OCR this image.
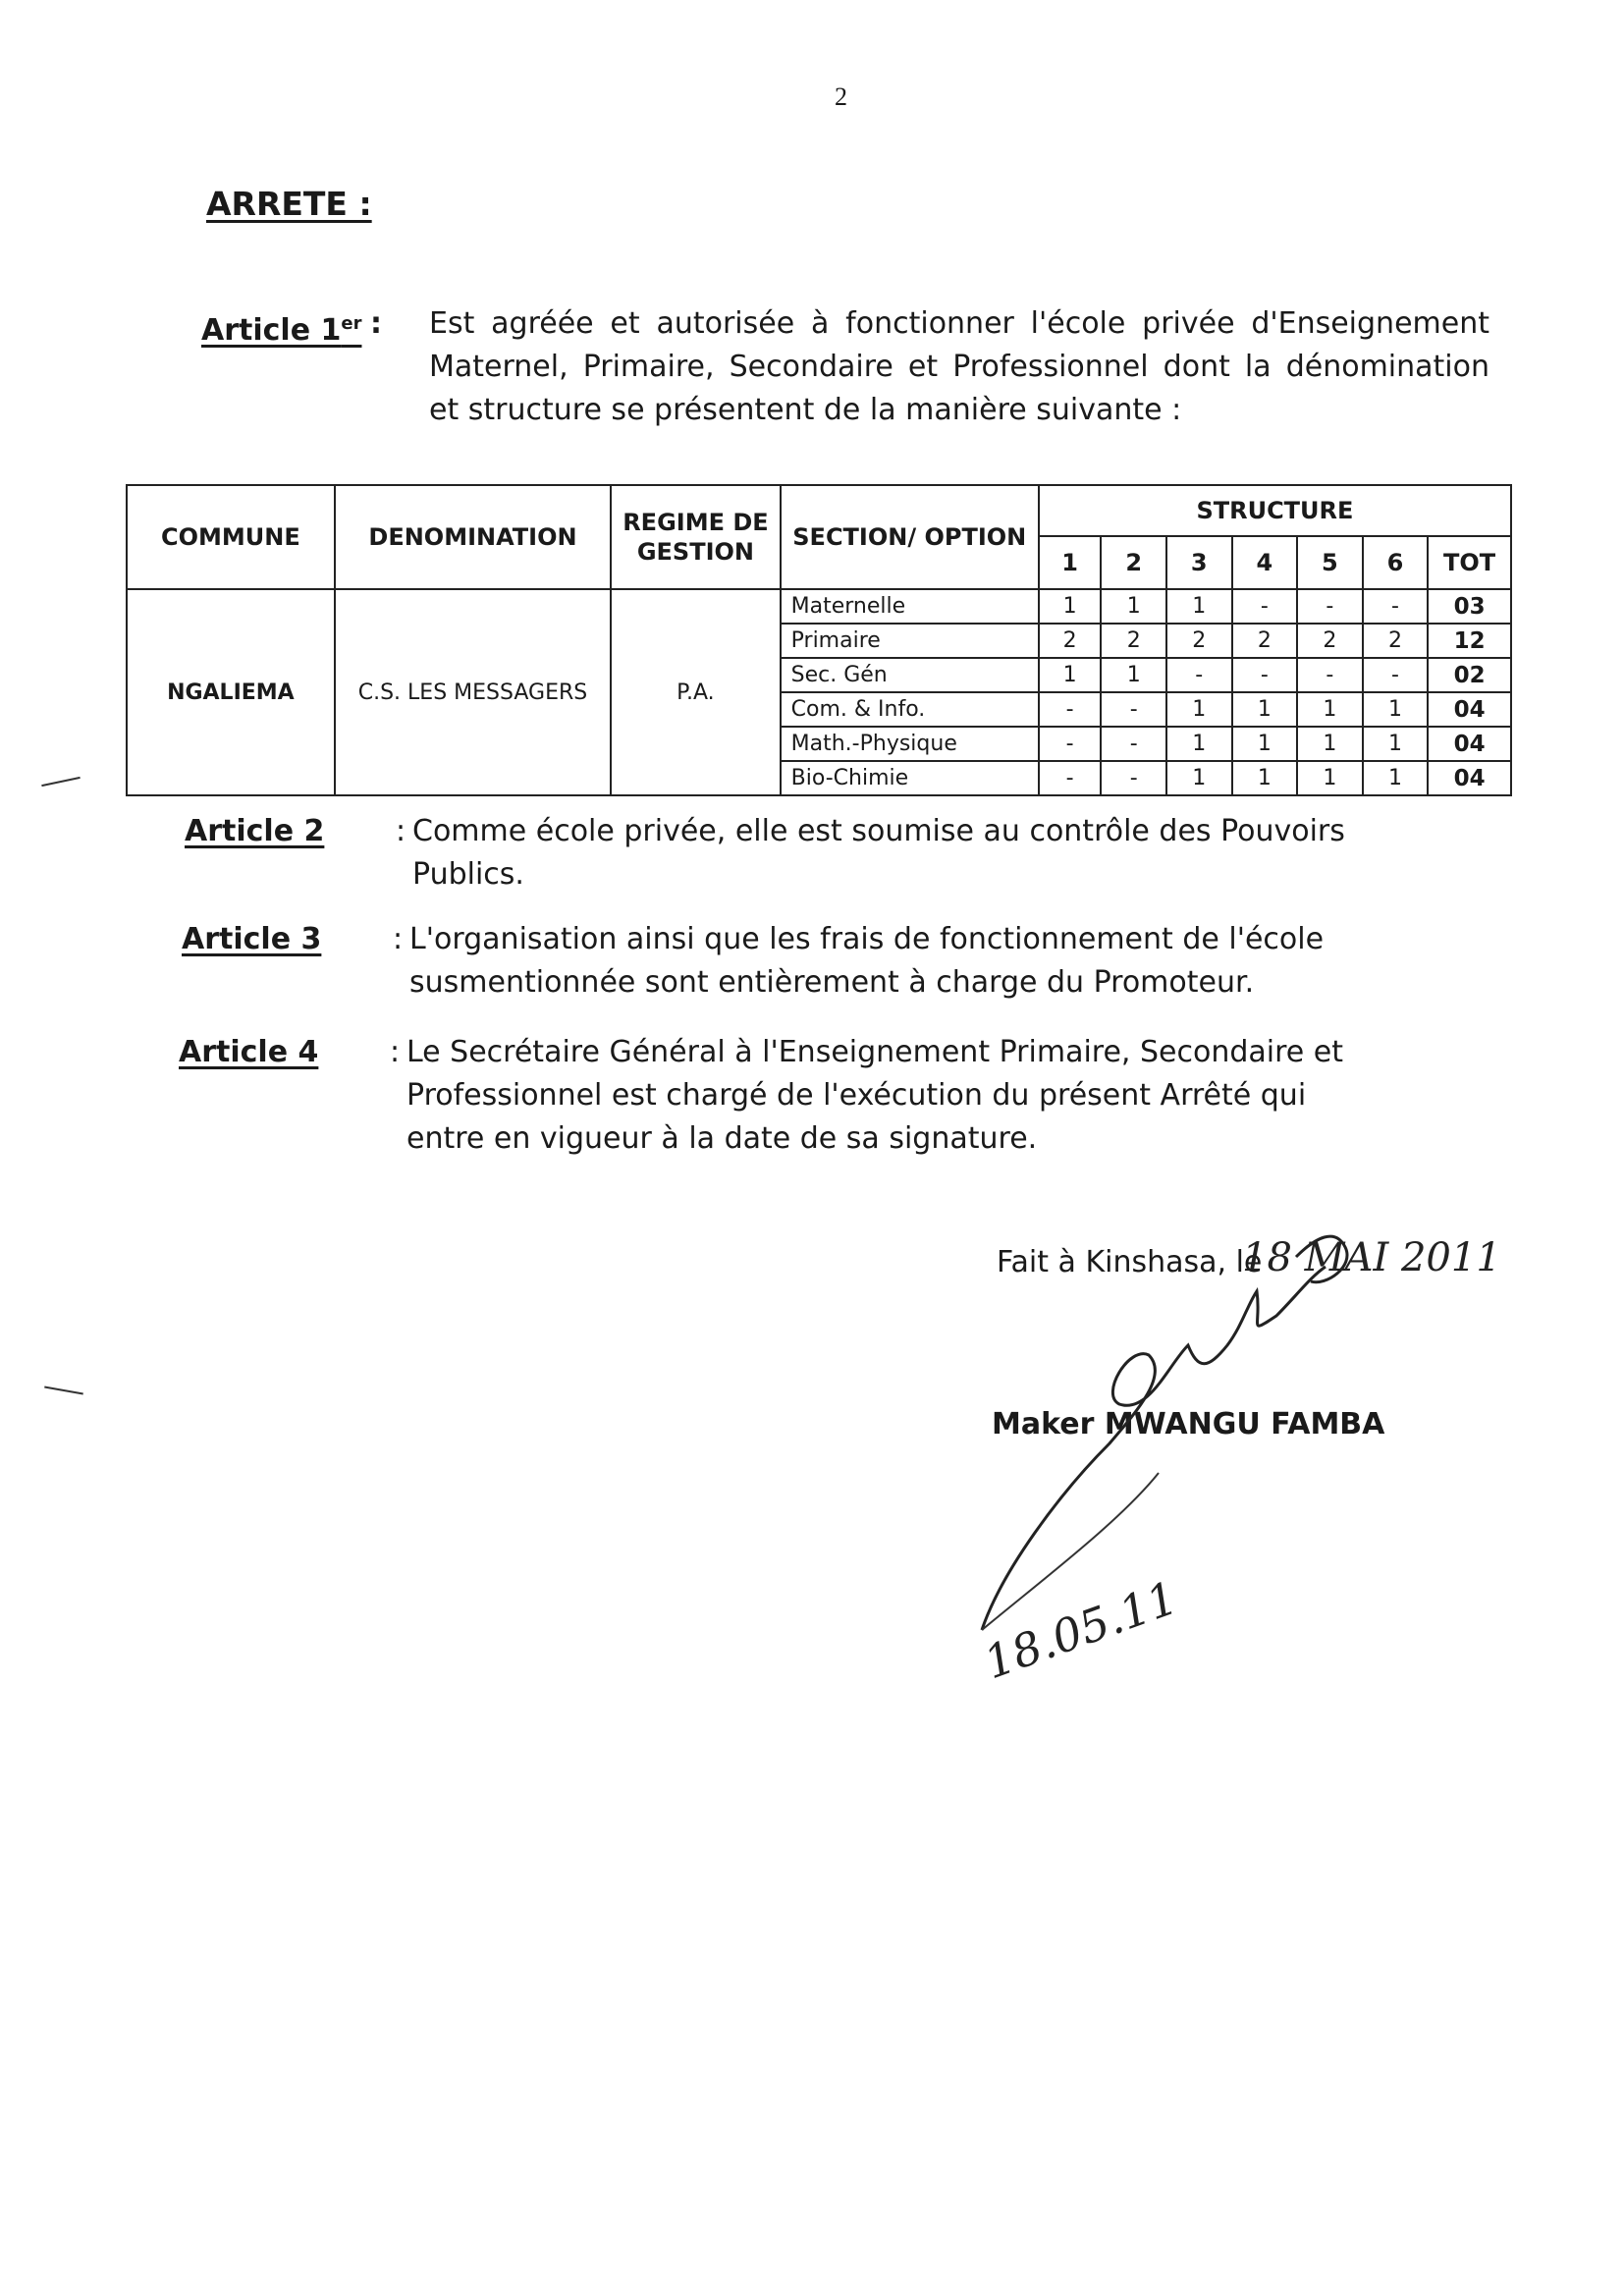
2
ARRETE :
Article 1er : Est agréée et autorisée à fonctionner l'école privée d'Enseignement Maternel, Primaire, Secondaire et Professionnel dont la dénomination et structure se présentent de la manière suivante :
COMMUNE	DENOMINATION	REGIME DE GESTION	SECTION/ OPTION	STRUCTURE						
				1	2	3	4	5	6	TOT
NGALIEMA	C.S. LES MESSAGERS	P.A.	Maternelle	1	1	1	-	-	-	03
			Primaire	2	2	2	2	2	2	12
			Sec. Gén	1	1	-	-	-	-	02
			Com. & Info.	-	-	1	1	1	1	04
			Math.-Physique	-	-	1	1	1	1	04
			Bio-Chimie	-	-	1	1	1	1	04
Article 2 : Comme école privée, elle est soumise au contrôle des Pouvoirs Publics.
Article 3 : L'organisation ainsi que les frais de fonctionnement de l'école susmentionnée sont entièrement à charge du Promoteur.
Article 4 : Le Secrétaire Général à l'Enseignement Primaire, Secondaire et Professionnel est chargé de l'exécution du présent Arrêté qui entre en vigueur à la date de sa signature.
Fait à Kinshasa, le
18 MAI 2011
Maker MWANGU FAMBA
18.05.11
